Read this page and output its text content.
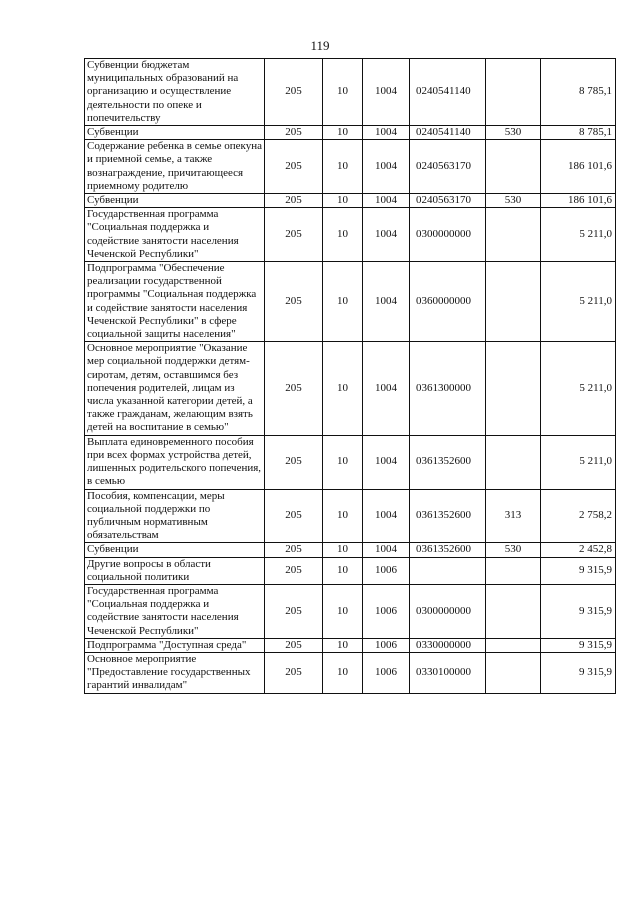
119
Субвенции бюджетам муниципальных образований на организацию и осуществление деятельности по опеке и попечительству	205	10	1004	0240541140		8 785,1
Субвенции	205	10	1004	0240541140	530	8 785,1
Содержание ребенка в семье опекуна и приемной семье, а также вознаграждение, причитающееся приемному родителю	205	10	1004	0240563170		186 101,6
Субвенции	205	10	1004	0240563170	530	186 101,6
Государственная программа "Социальная поддержка и содействие занятости населения Чеченской Республики"	205	10	1004	0300000000		5 211,0
Подпрограмма "Обеспечение реализации государственной программы "Социальная поддержка и содействие занятости населения Чеченской Республики" в сфере социальной защиты населения"	205	10	1004	0360000000		5 211,0
Основное мероприятие "Оказание мер социальной поддержки детям-сиротам, детям, оставшимся без попечения родителей, лицам из числа указанной категории детей, а также гражданам, желающим взять детей на воспитание в семью"	205	10	1004	0361300000		5 211,0
Выплата единовременного пособия при всех формах устройства детей, лишенных родительского попечения, в семью	205	10	1004	0361352600		5 211,0
Пособия, компенсации, меры социальной поддержки по публичным нормативным обязательствам	205	10	1004	0361352600	313	2 758,2
Субвенции	205	10	1004	0361352600	530	2 452,8
Другие вопросы в области социальной политики	205	10	1006			9 315,9
Государственная программа "Социальная поддержка и содействие занятости населения Чеченской Республики"	205	10	1006	0300000000		9 315,9
Подпрограмма "Доступная среда"	205	10	1006	0330000000		9 315,9
Основное мероприятие "Предоставление государственных гарантий инвалидам"	205	10	1006	0330100000		9 315,9
